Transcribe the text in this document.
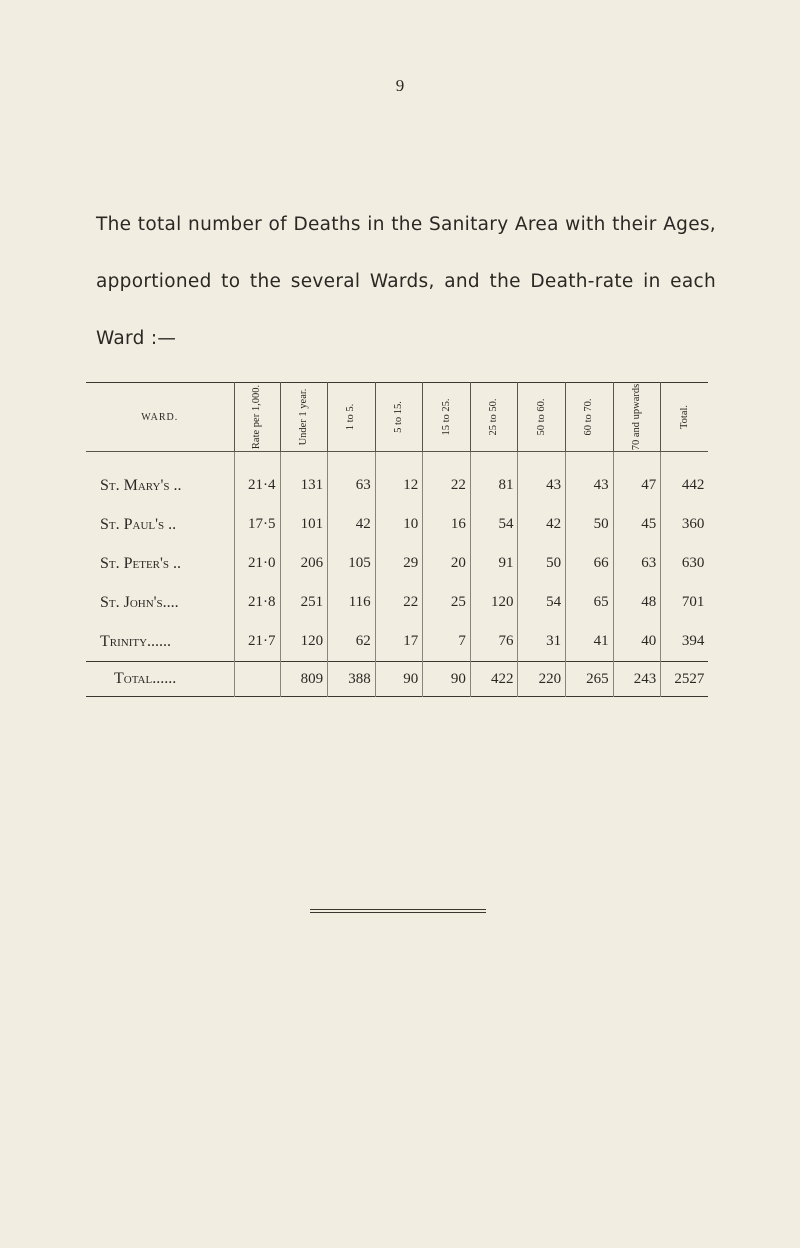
9

The total number of Deaths in the Sanitary Area with their Ages, apportioned to the several Wards, and the Death-rate in each Ward :—

WARD.	Rate per 1,000.	Under 1 year.	1 to 5.	5 to 15.	15 to 25.	25 to 50.	50 to 60.	60 to 70.	70 and upwards	Total.

St. Mary's ..	21·4	131	63	12	22	81	43	43	47	442
St. Paul's ..	17·5	101	42	10	16	54	42	50	45	360
St. Peter's ..	21·0	206	105	29	20	91	50	66	63	630
St. John's....	21·8	251	116	22	25	120	54	65	48	701
Trinity......	21·7	120	62	17	7	76	31	41	40	394
Total......		809	388	90	90	422	220	265	243	2527
